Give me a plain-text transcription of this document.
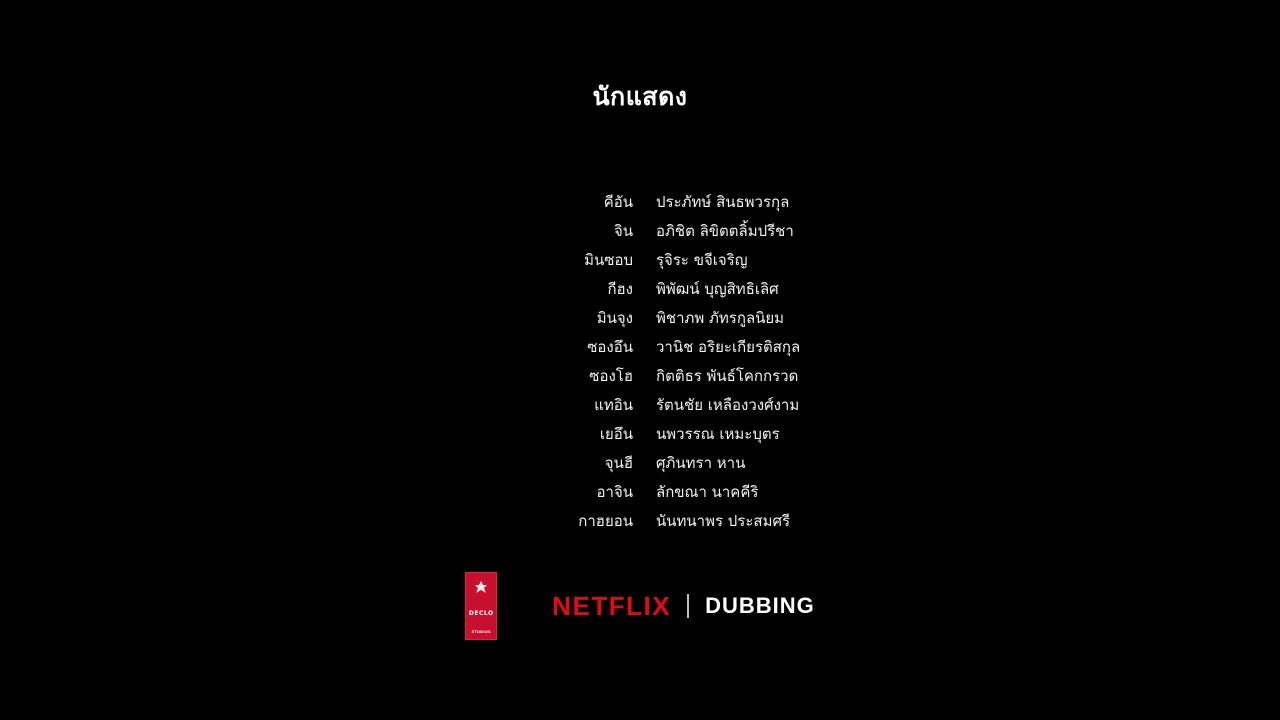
นักแสดง
คีอัน ประภัทษ์ สินธพวรกุล
จิน อภิชิต ลิขิตตลิ้มปรีชา
มินซอบ รุจิระ ขจีเจริญ
กีฮง พิพัฒน์ บุญสิทธิเลิศ
มินจุง พิชาภพ ภัทรกูลนิยม
ซองอึน วานิช อริยะเกียรติสกุล
ซองโฮ กิตติธร พันธ์โคกกรวด
แทอิน รัตนชัย เหลืองวงศ์งาม
เยอึน นพวรรณ เหมะบุตร
จุนฮี ศุภินทรา หาน
อาจิน ลักขณา นาคคีริ
กาฮยอน นันทนาพร ประสมศรี
DECLO
STUDIOS
NETFLIX DUBBING
